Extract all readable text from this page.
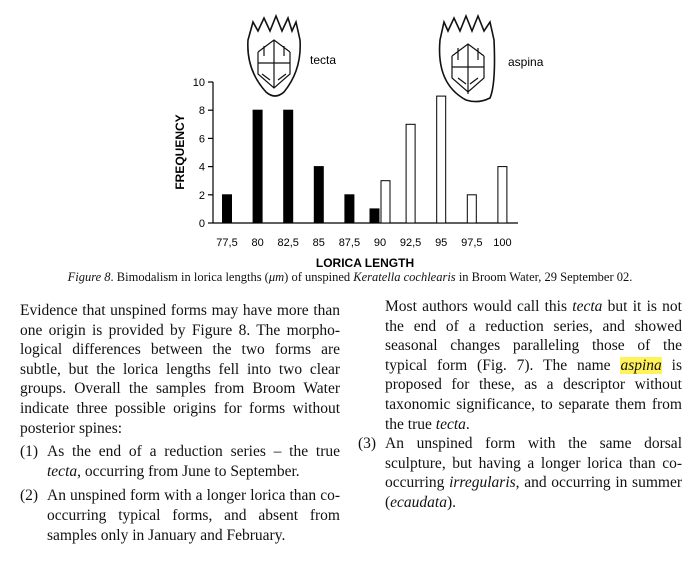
tecta	aspina
0
2
4
6
8
10
77,5 80 82,5 85 87,5 90 92,5 95 97,5 100
FREQUENCY
LORICA LENGTH
Figure 8. Bimodalism in lorica lengths (μm) of unspined Keratella cochlearis in Broom Water, 29 September 02.

Evidence that unspined forms may have more than one origin is provided by Figure 8. The morpho-logical differences between the two forms are subtle, but the lorica lengths fell into two clear groups. Overall the samples from Broom Water indicate three possible origins for forms without posterior spines:

(1) As the end of a reduction series – the true tecta, occurring from June to September.
(2) An unspined form with a longer lorica than co-occurring typical forms, and absent from samples only in January and February.

Most authors would call this tecta but it is not the end of a reduction series, and showed seasonal changes paralleling those of the typical form (Fig. 7). The name aspina is proposed for these, as a descriptor without taxonomic significance, to separate them from the true tecta.

(3) An unspined form with the same dorsal sculpture, but having a longer lorica than co-occurring irregularis, and occurring in summer (ecaudata).
